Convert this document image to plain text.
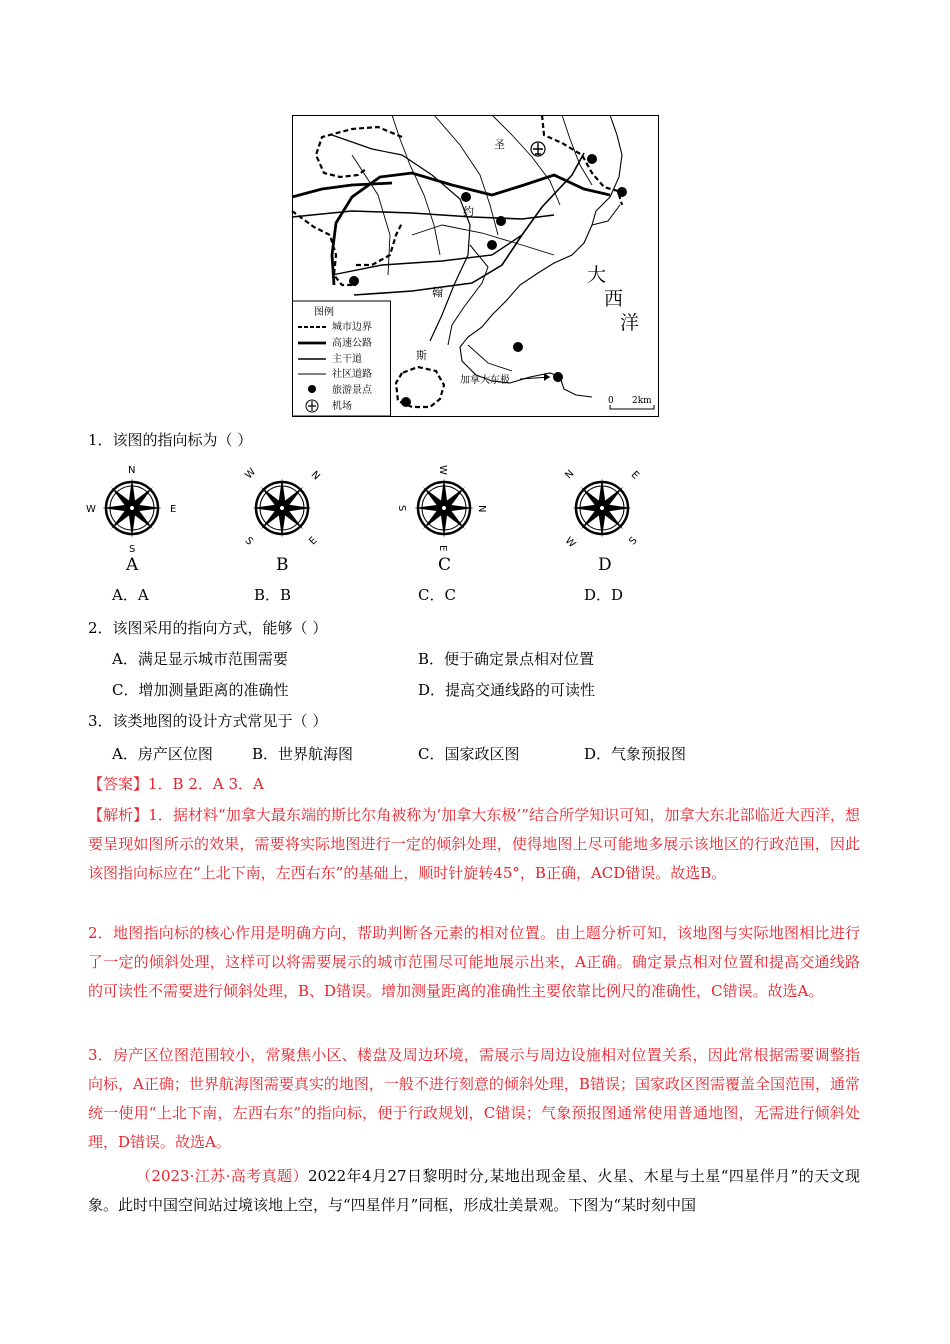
圣
约
翰
斯
大
西
洋
加拿大东极
0 2km
图例
城市边界
高速公路
主干道
社区道路
旅游景点
机场
1．该图的指向标为（ ）
N
S
W	E
A
W	N
S	E
B
W
E
S	N
C
N	E
W	S
D
A．A	B．B	C．C	D．D
2．该图采用的指向方式，能够（ ）
A．满足显示城市范围需要	B．便于确定景点相对位置
C．增加测量距离的准确性	D．提高交通线路的可读性
3．该类地图的设计方式常见于（ ）
A．房产区位图	B．世界航海图	C．国家政区图	D．气象预报图
【答案】1．B 2．A 3．A
【解析】1．据材料“加拿大最东端的斯比尔角被称为‘加拿大东极’”结合所学知识可知，加拿大东北部临近大西洋，想要呈现如图所示的效果，需要将实际地图进行一定的倾斜处理，使得地图上尽可能地多展示该地区的行政范围，因此该图指向标应在“上北下南，左西右东”的基础上，顺时针旋转45°，B正确，ACD错误。故选B。
2．地图指向标的核心作用是明确方向，帮助判断各元素的相对位置。由上题分析可知，该地图与实际地图相比进行了一定的倾斜处理，这样可以将需要展示的城市范围尽可能地展示出来，A正确。确定景点相对位置和提高交通线路的可读性不需要进行倾斜处理，B、D错误。增加测量距离的准确性主要依靠比例尺的准确性，C错误。故选A。
3．房产区位图范围较小，常聚焦小区、楼盘及周边环境，需展示与周边设施相对位置关系，因此常根据需要调整指向标，A正确；世界航海图需要真实的地图，一般不进行刻意的倾斜处理，B错误；国家政区图需覆盖全国范围，通常统一使用“上北下南，左西右东”的指向标，便于行政规划，C错误；气象预报图通常使用普通地图，无需进行倾斜处理，D错误。故选A。
（2023·江苏·高考真题）2022年4月27日黎明时分,某地出现金星、火星、木星与土星“四星伴月”的天文现象。此时中国空间站过境该地上空，与“四星伴月”同框，形成壮美景观。下图为“某时刻中国
